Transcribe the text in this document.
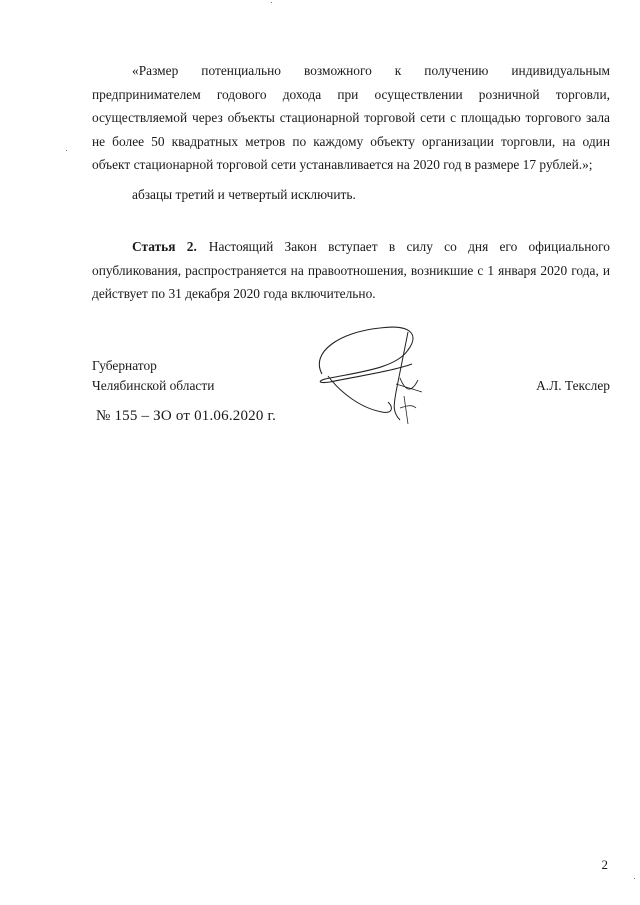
«Размер потенциально возможного к получению индивидуальным предпринимателем годового дохода при осуществлении розничной торговли, осуществляемой через объекты стационарной торговой сети с площадью торгового зала не более 50 квадратных метров по каждому объекту организации торговли, на один объект стационарной торговой сети устанавливается на 2020 год в размере 17 рублей.»;

абзацы третий и четвертый исключить.

Статья 2. Настоящий Закон вступает в силу со дня его официального опубликования, распространяется на правоотношения, возникшие с 1 января 2020 года, и действует по 31 декабря 2020 года включительно.

Губернатор
Челябинской области	А.Л. Текслер
№ 155 – ЗО от 01.06.2020 г.
2
